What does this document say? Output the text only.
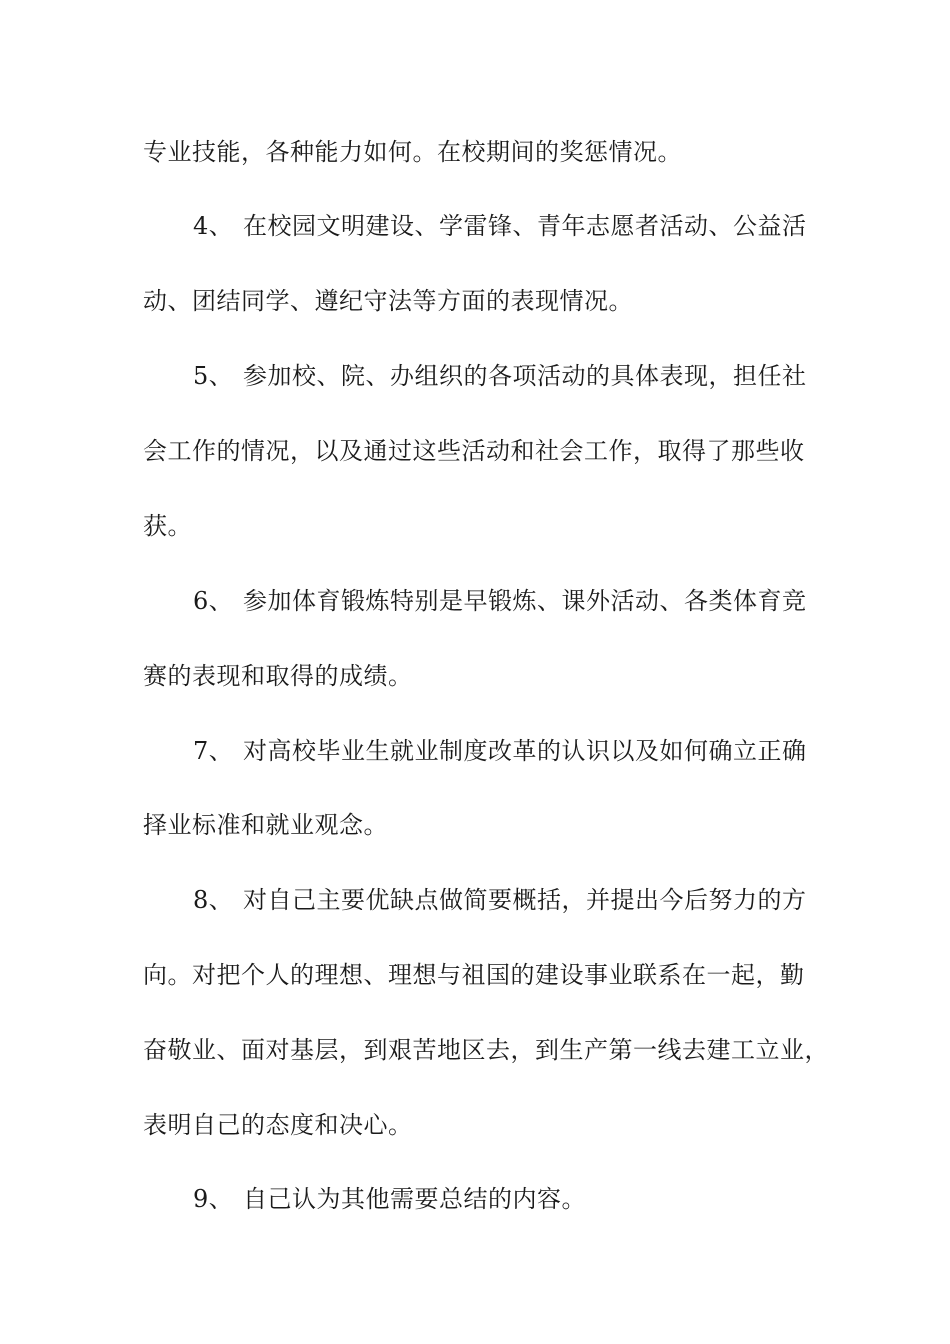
专业技能，各种能力如何。在校期间的奖惩情况。
4、 在校园文明建设、学雷锋、青年志愿者活动、公益活
动、团结同学、遵纪守法等方面的表现情况。
5、 参加校、院、办组织的各项活动的具体表现，担任社
会工作的情况，以及通过这些活动和社会工作，取得了那些收
获。
6、 参加体育锻炼特别是早锻炼、课外活动、各类体育竞
赛的表现和取得的成绩。
7、 对高校毕业生就业制度改革的认识以及如何确立正确
择业标准和就业观念。
8、 对自己主要优缺点做简要概括，并提出今后努力的方
向。对把个人的理想、理想与祖国的建设事业联系在一起，勤
奋敬业、面对基层，到艰苦地区去，到生产第一线去建工立业，
表明自己的态度和决心。
9、 自己认为其他需要总结的内容。
